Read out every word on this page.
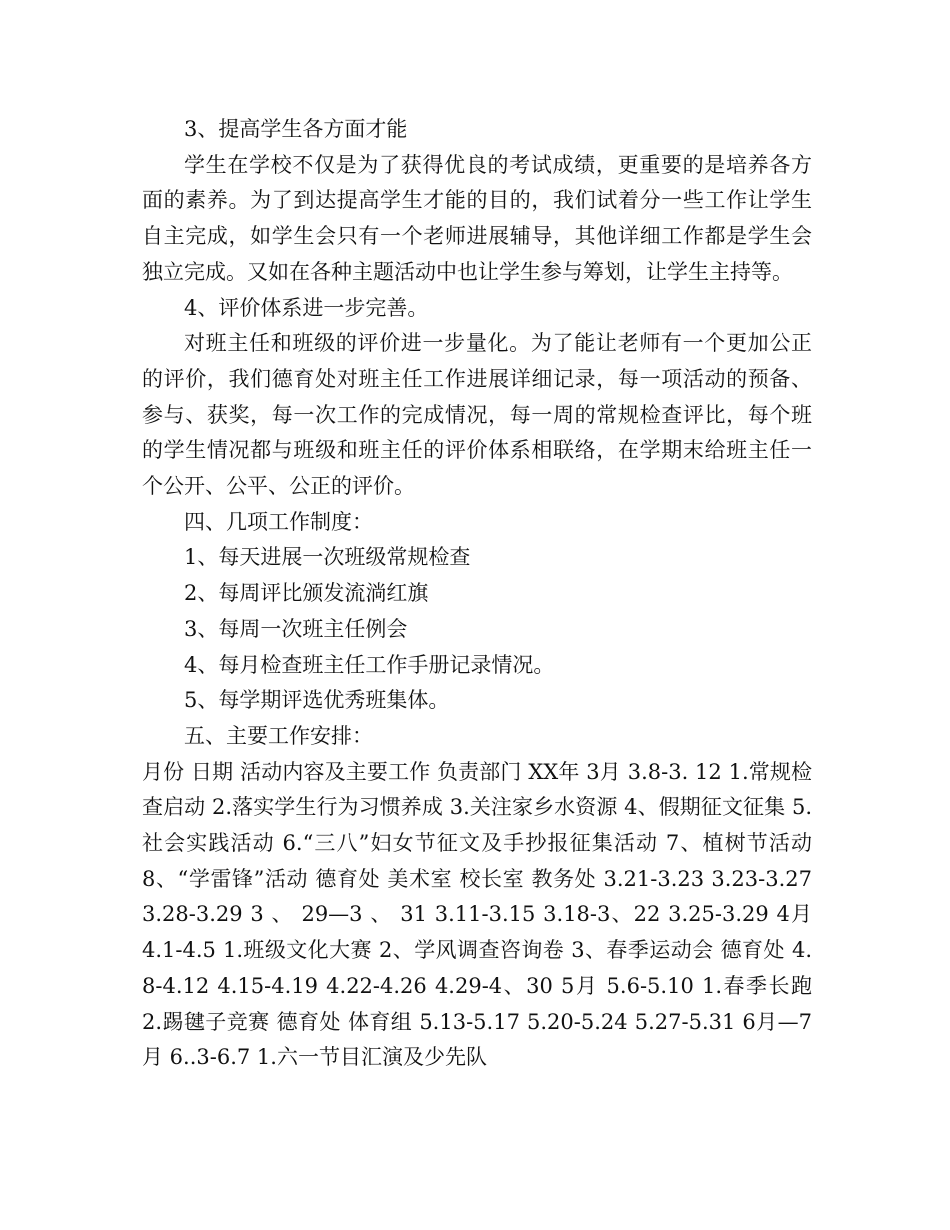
3、提高学生各方面才能

学生在学校不仅是为了获得优良的考试成绩，更重要的是培养各方面的素养。为了到达提高学生才能的目的，我们试着分一些工作让学生自主完成，如学生会只有一个老师进展辅导，其他详细工作都是学生会独立完成。又如在各种主题活动中也让学生参与筹划，让学生主持等。

4、评价体系进一步完善。

对班主任和班级的评价进一步量化。为了能让老师有一个更加公正的评价，我们德育处对班主任工作进展详细记录，每一项活动的预备、参与、获奖，每一次工作的完成情况，每一周的常规检查评比，每个班的学生情况都与班级和班主任的评价体系相联络，在学期末给班主任一个公开、公平、公正的评价。

四、几项工作制度：

1、每天进展一次班级常规检查

2、每周评比颁发流淌红旗

3、每周一次班主任例会

4、每月检查班主任工作手册记录情况。

5、每学期评选优秀班集体。

五、主要工作安排：

月份 日期 活动内容及主要工作 负责部门 XX年 3月 3.8-3. 12 1.常规检查启动 2.落实学生行为习惯养成 3.关注家乡水资源 4、假期征文征集 5.社会实践活动 6.“三八”妇女节征文及手抄报征集活动 7、植树节活动 8、“学雷锋”活动 德育处 美术室 校长室 教务处 3.21-3.23 3.23-3.27 3.28-3.29 3 、 29—3 、 31 3.11-3.15 3.18-3、22 3.25-3.29 4月 4.1-4.5 1.班级文化大赛 2、学风调查咨询卷 3、春季运动会 德育处 4.8-4.12 4.15-4.19 4.22-4.26 4.29-4、30 5月 5.6-5.10 1.春季长跑 2.踢毽子竞赛 德育处 体育组 5.13-5.17 5.20-5.24 5.27-5.31 6月—7月 6..3-6.7 1.六一节目汇演及少先队
